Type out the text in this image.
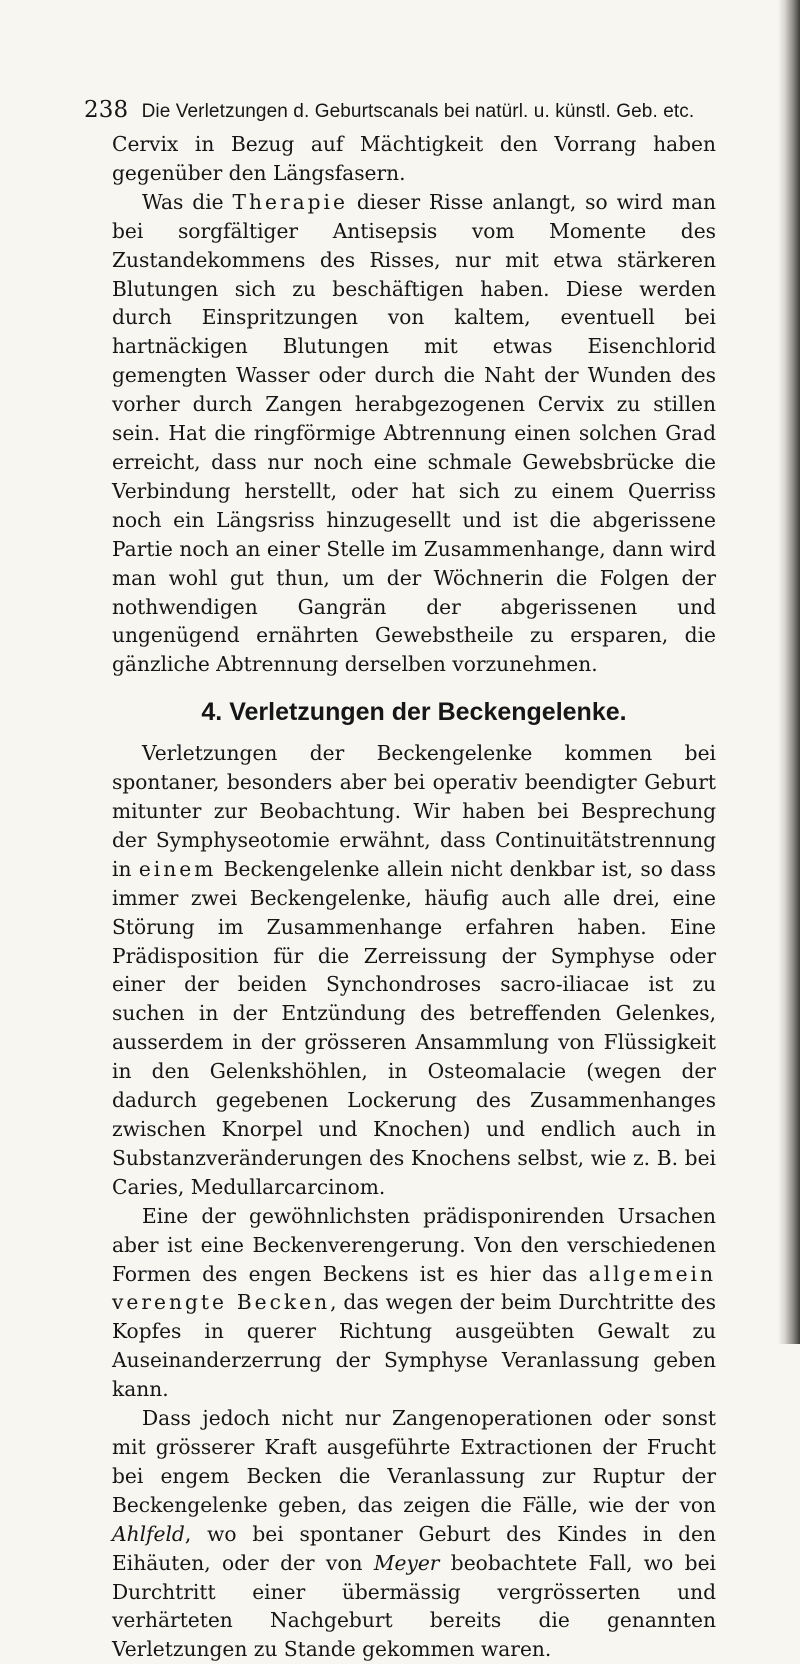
238 Die Verletzungen d. Geburtscanals bei natürl. u. künstl. Geb. etc.

Cervix in Bezug auf Mächtigkeit den Vorrang haben gegenüber den Längsfasern.

Was die Therapie dieser Risse anlangt, so wird man bei sorgfältiger Antisepsis vom Momente des Zustandekommens des Risses, nur mit etwa stärkeren Blutungen sich zu beschäftigen haben. Diese werden durch Einspritzungen von kaltem, eventuell bei hartnäckigen Blutungen mit etwas Eisenchlorid gemengten Wasser oder durch die Naht der Wunden des vorher durch Zangen herabgezogenen Cervix zu stillen sein. Hat die ringförmige Abtrennung einen solchen Grad erreicht, dass nur noch eine schmale Gewebsbrücke die Verbindung herstellt, oder hat sich zu einem Querriss noch ein Längsriss hinzugesellt und ist die abgerissene Partie noch an einer Stelle im Zusammenhange, dann wird man wohl gut thun, um der Wöchnerin die Folgen der nothwendigen Gangrän der abgerissenen und ungenügend ernährten Gewebstheile zu ersparen, die gänzliche Abtrennung derselben vorzunehmen.

4. Verletzungen der Beckengelenke.

Verletzungen der Beckengelenke kommen bei spontaner, besonders aber bei operativ beendigter Geburt mitunter zur Beobachtung. Wir haben bei Besprechung der Symphyseotomie erwähnt, dass Continuitätstrennung in einem Beckengelenke allein nicht denkbar ist, so dass immer zwei Beckengelenke, häufig auch alle drei, eine Störung im Zusammenhange erfahren haben. Eine Prädisposition für die Zerreissung der Symphyse oder einer der beiden Synchondroses sacro-iliacae ist zu suchen in der Entzündung des betreffenden Gelenkes, ausserdem in der grösseren Ansammlung von Flüssigkeit in den Gelenkshöhlen, in Osteomalacie (wegen der dadurch gegebenen Lockerung des Zusammenhanges zwischen Knorpel und Knochen) und endlich auch in Substanzveränderungen des Knochens selbst, wie z. B. bei Caries, Medullarcarcinom.

Eine der gewöhnlichsten prädisponirenden Ursachen aber ist eine Beckenverengerung. Von den verschiedenen Formen des engen Beckens ist es hier das allgemein verengte Becken, das wegen der beim Durchtritte des Kopfes in querer Richtung ausgeübten Gewalt zu Auseinanderzerrung der Symphyse Veranlassung geben kann.

Dass jedoch nicht nur Zangenoperationen oder sonst mit grösserer Kraft ausgeführte Extractionen der Frucht bei engem Becken die Veranlassung zur Ruptur der Beckengelenke geben, das zeigen die Fälle, wie der von Ahlfeld, wo bei spontaner Geburt des Kindes in den Eihäuten, oder der von Meyer beobachtete Fall, wo bei Durchtritt einer übermässig vergrösserten und verhärteten Nachgeburt bereits die genannten Verletzungen zu Stande gekommen waren.
